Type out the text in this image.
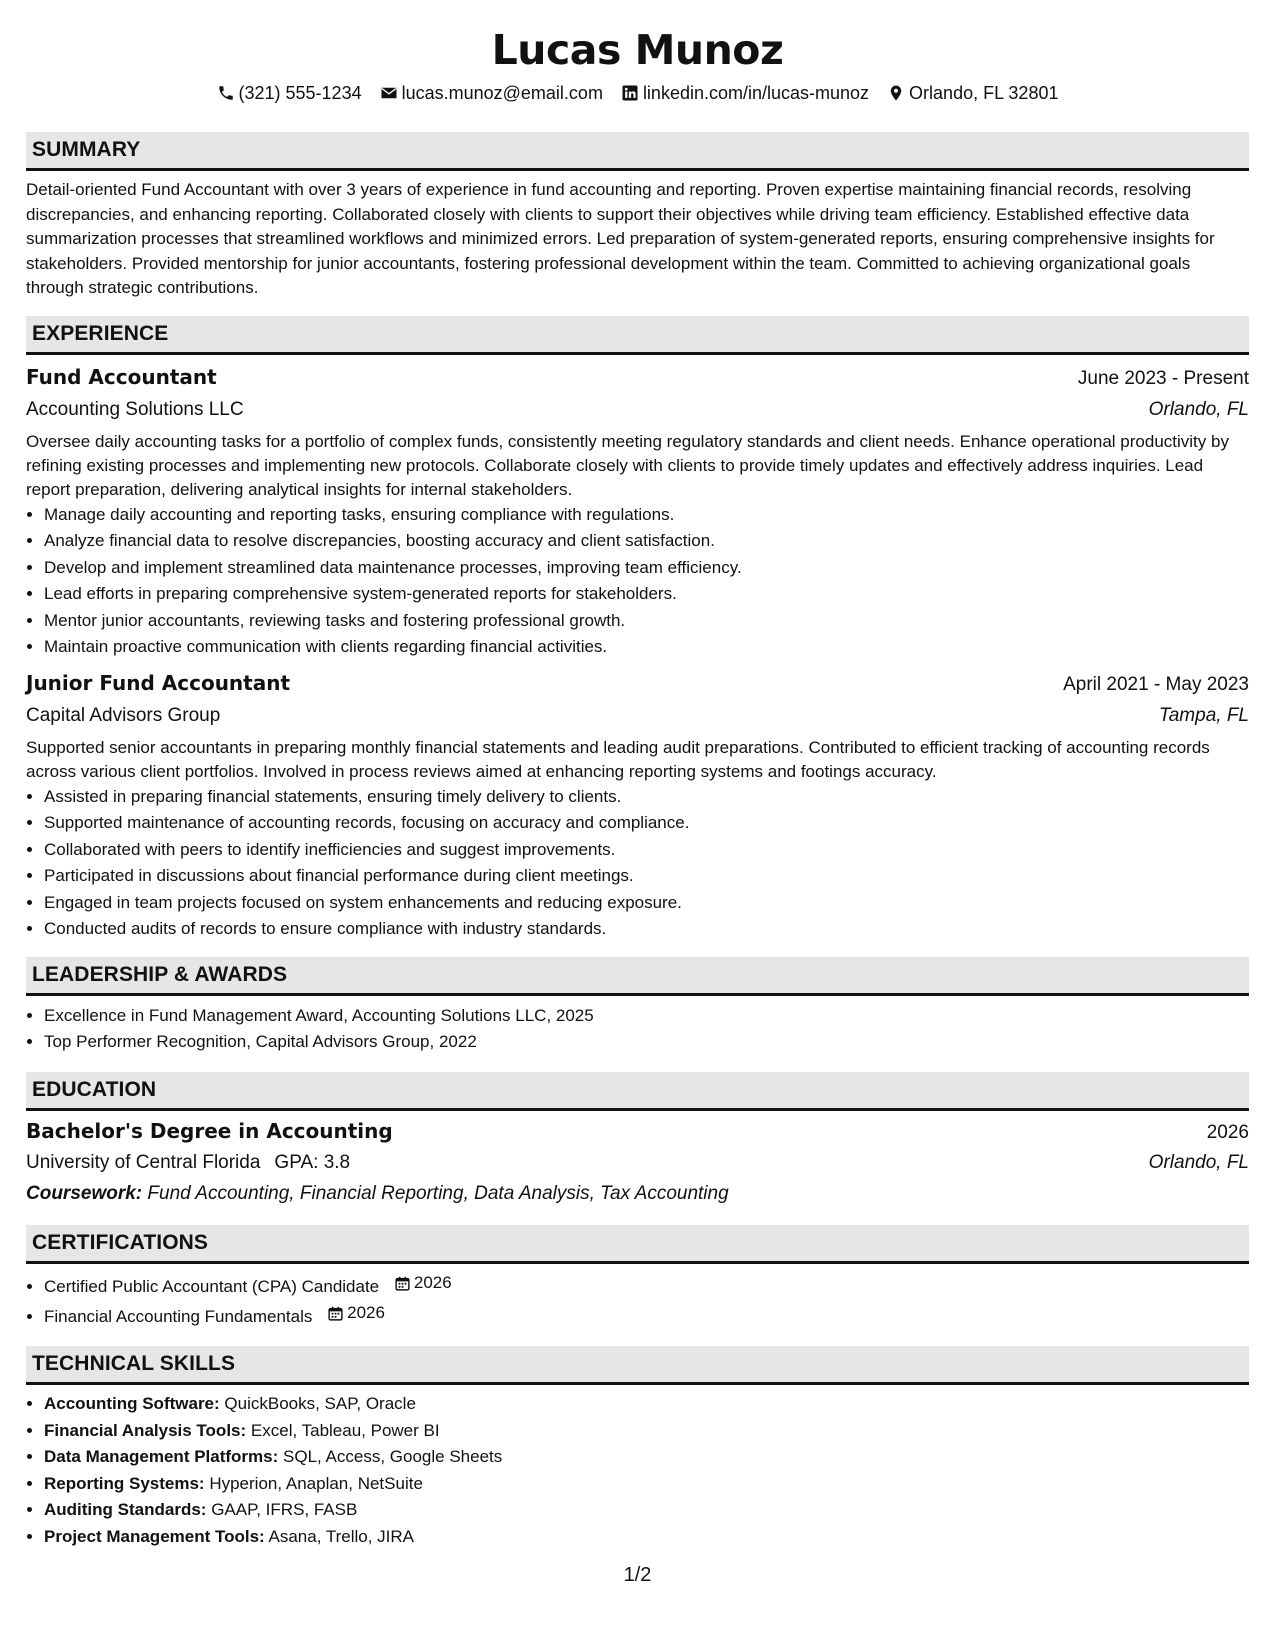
Lucas Munoz
(321) 555-1234 lucas.munoz@email.com linkedin.com/in/lucas-munoz Orlando, FL 32801
SUMMARY
Detail-oriented Fund Accountant with over 3 years of experience in fund accounting and reporting. Proven expertise maintaining financial records, resolving discrepancies, and enhancing reporting. Collaborated closely with clients to support their objectives while driving team efficiency. Established effective data summarization processes that streamlined workflows and minimized errors. Led preparation of system-generated reports, ensuring comprehensive insights for stakeholders. Provided mentorship for junior accountants, fostering professional development within the team. Committed to achieving organizational goals through strategic contributions.
EXPERIENCE
Fund Accountant	June 2023 - Present
Accounting Solutions LLC	Orlando, FL
Oversee daily accounting tasks for a portfolio of complex funds, consistently meeting regulatory standards and client needs. Enhance operational productivity by refining existing processes and implementing new protocols. Collaborate closely with clients to provide timely updates and effectively address inquiries. Lead report preparation, delivering analytical insights for internal stakeholders.
• Manage daily accounting and reporting tasks, ensuring compliance with regulations.
• Analyze financial data to resolve discrepancies, boosting accuracy and client satisfaction.
• Develop and implement streamlined data maintenance processes, improving team efficiency.
• Lead efforts in preparing comprehensive system-generated reports for stakeholders.
• Mentor junior accountants, reviewing tasks and fostering professional growth.
• Maintain proactive communication with clients regarding financial activities.
Junior Fund Accountant	April 2021 - May 2023
Capital Advisors Group	Tampa, FL
Supported senior accountants in preparing monthly financial statements and leading audit preparations. Contributed to efficient tracking of accounting records across various client portfolios. Involved in process reviews aimed at enhancing reporting systems and footings accuracy.
• Assisted in preparing financial statements, ensuring timely delivery to clients.
• Supported maintenance of accounting records, focusing on accuracy and compliance.
• Collaborated with peers to identify inefficiencies and suggest improvements.
• Participated in discussions about financial performance during client meetings.
• Engaged in team projects focused on system enhancements and reducing exposure.
• Conducted audits of records to ensure compliance with industry standards.
LEADERSHIP & AWARDS
• Excellence in Fund Management Award, Accounting Solutions LLC, 2025
• Top Performer Recognition, Capital Advisors Group, 2022
EDUCATION
Bachelor's Degree in Accounting	2026
University of Central Florida GPA: 3.8	Orlando, FL
Coursework: Fund Accounting, Financial Reporting, Data Analysis, Tax Accounting
CERTIFICATIONS
• Certified Public Accountant (CPA) Candidate 2026
• Financial Accounting Fundamentals 2026
TECHNICAL SKILLS
• Accounting Software: QuickBooks, SAP, Oracle
• Financial Analysis Tools: Excel, Tableau, Power BI
• Data Management Platforms: SQL, Access, Google Sheets
• Reporting Systems: Hyperion, Anaplan, NetSuite
• Auditing Standards: GAAP, IFRS, FASB
• Project Management Tools: Asana, Trello, JIRA
1/2
